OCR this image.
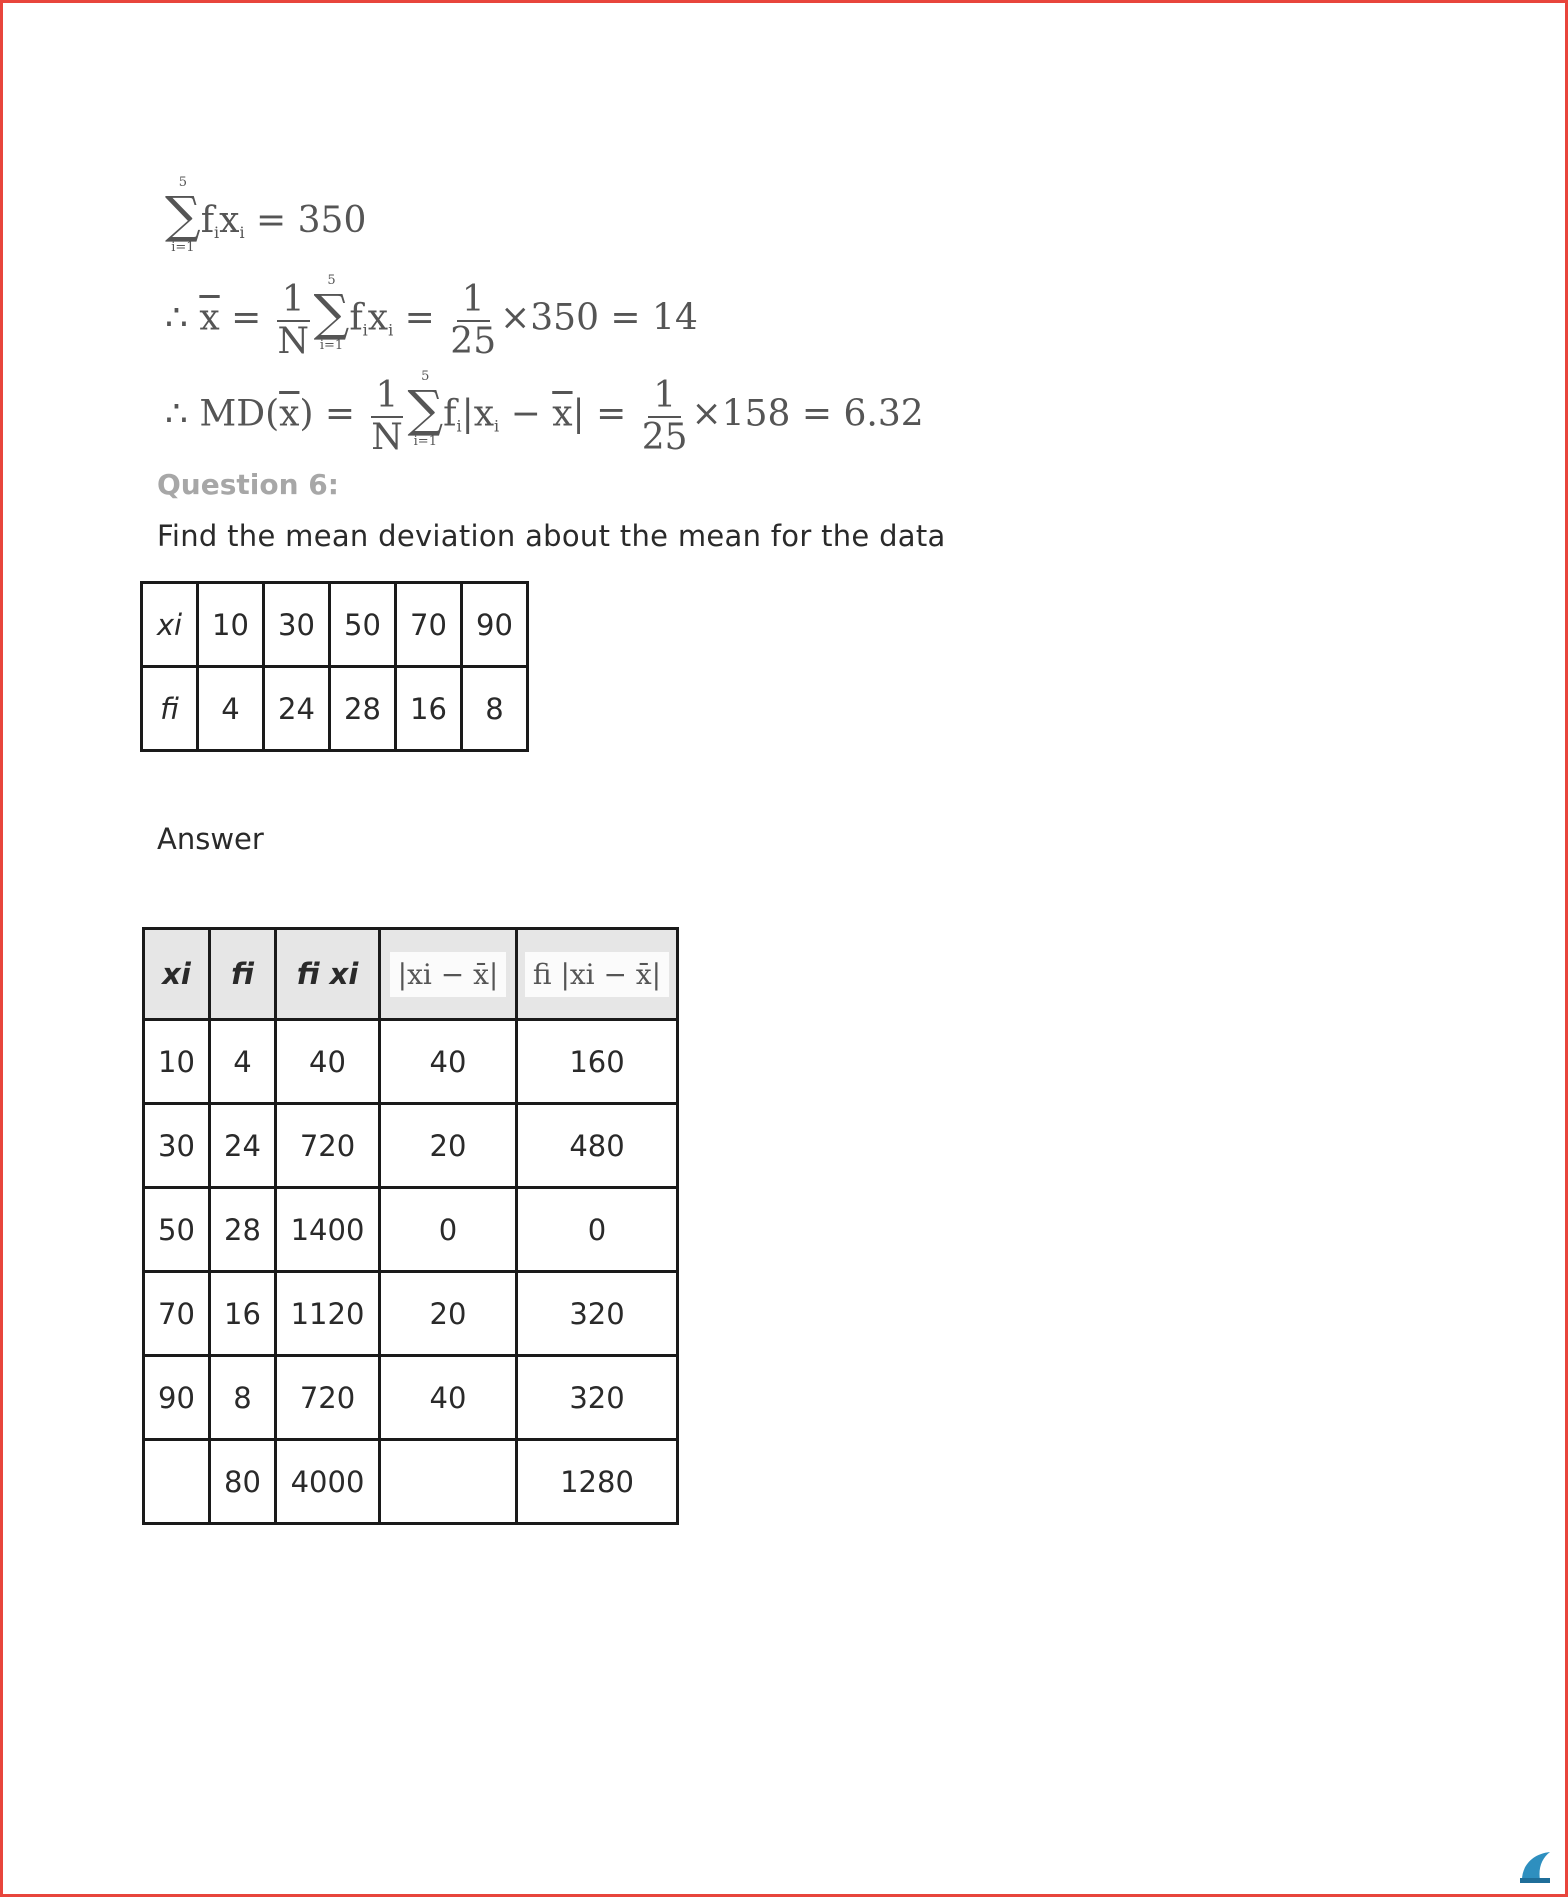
∑
5
i=1
$f_ix_i = 350$
∴ $\overline{x} = \frac{1}{N}$ ∑
5
i=1
$f_ix_i = \frac{1}{25} \times 350 = 14$
∴ $MD(\overline{x}) = \frac{1}{N}$ ∑
5
i=1
$f_i|x_i - \overline{x}| = \frac{1}{25} \times 158 = 6.32$
Question 6:
Find the mean deviation about the mean for the data
xi	10	30	50	70	90
fi	4	24	28	16	8
Answer
xi	fi	fi xi	|xi − x̄|	fi |xi − x̄|
10	4	40	40	160
30	24	720	20	480
50	28	1400	0	0
70	16	1120	20	320
90	8	720	40	320
	80	4000		1280
